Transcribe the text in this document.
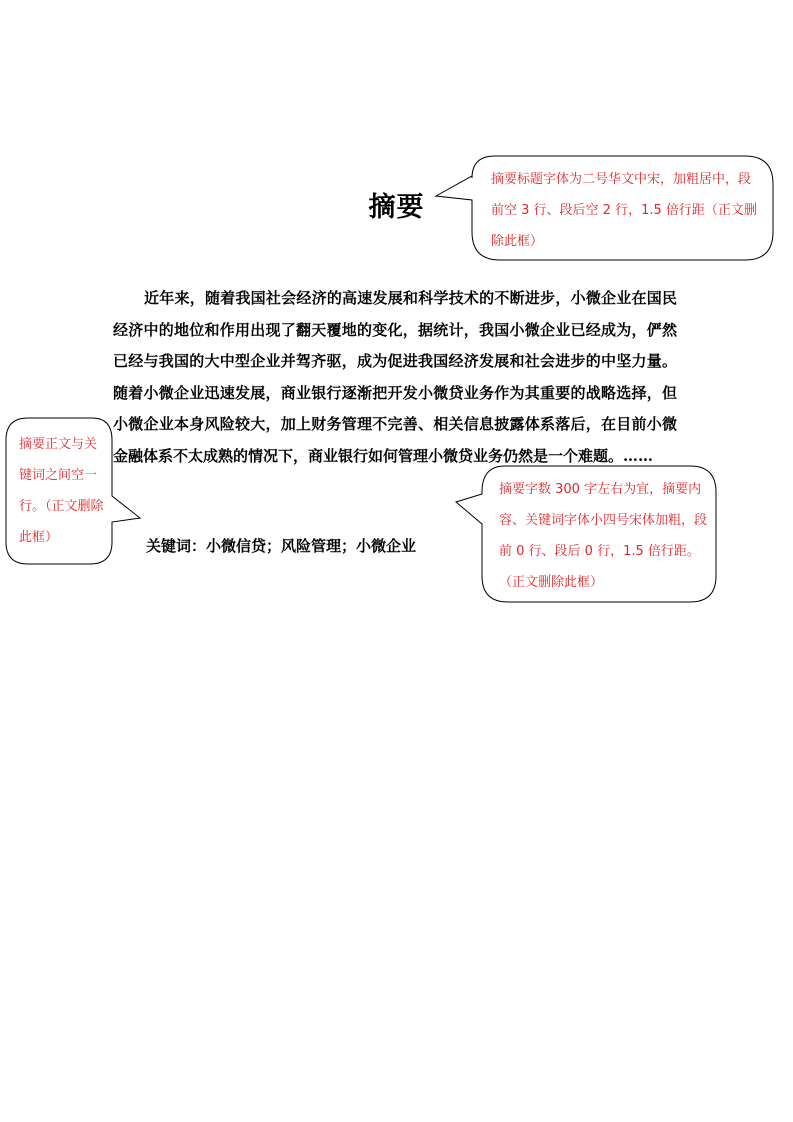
摘要
近年来，随着我国社会经济的高速发展和科学技术的不断进步，小微企业在国民经济中的地位和作用出现了翻天覆地的变化，据统计，我国小微企业已经成为，俨然已经与我国的大中型企业并驾齐驱，成为促进我国经济发展和社会进步的中坚力量。随着小微企业迅速发展，商业银行逐渐把开发小微贷业务作为其重要的战略选择，但小微企业本身风险较大，加上财务管理不完善、相关信息披露体系落后，在目前小微金融体系不太成熟的情况下，商业银行如何管理小微贷业务仍然是一个难题。……
关键词：小微信贷；风险管理；小微企业
摘要标题字体为二号华文中宋，加粗居中，段前空 3 行、段后空 2 行，1.5 倍行距（正文删除此框）
摘要正文与关键词之间空一行。（正文删除此框）
摘要字数 300 字左右为宜，摘要内容、关键词字体小四号宋体加粗，段前 0 行、段后 0 行，1.5 倍行距。（正文删除此框）
